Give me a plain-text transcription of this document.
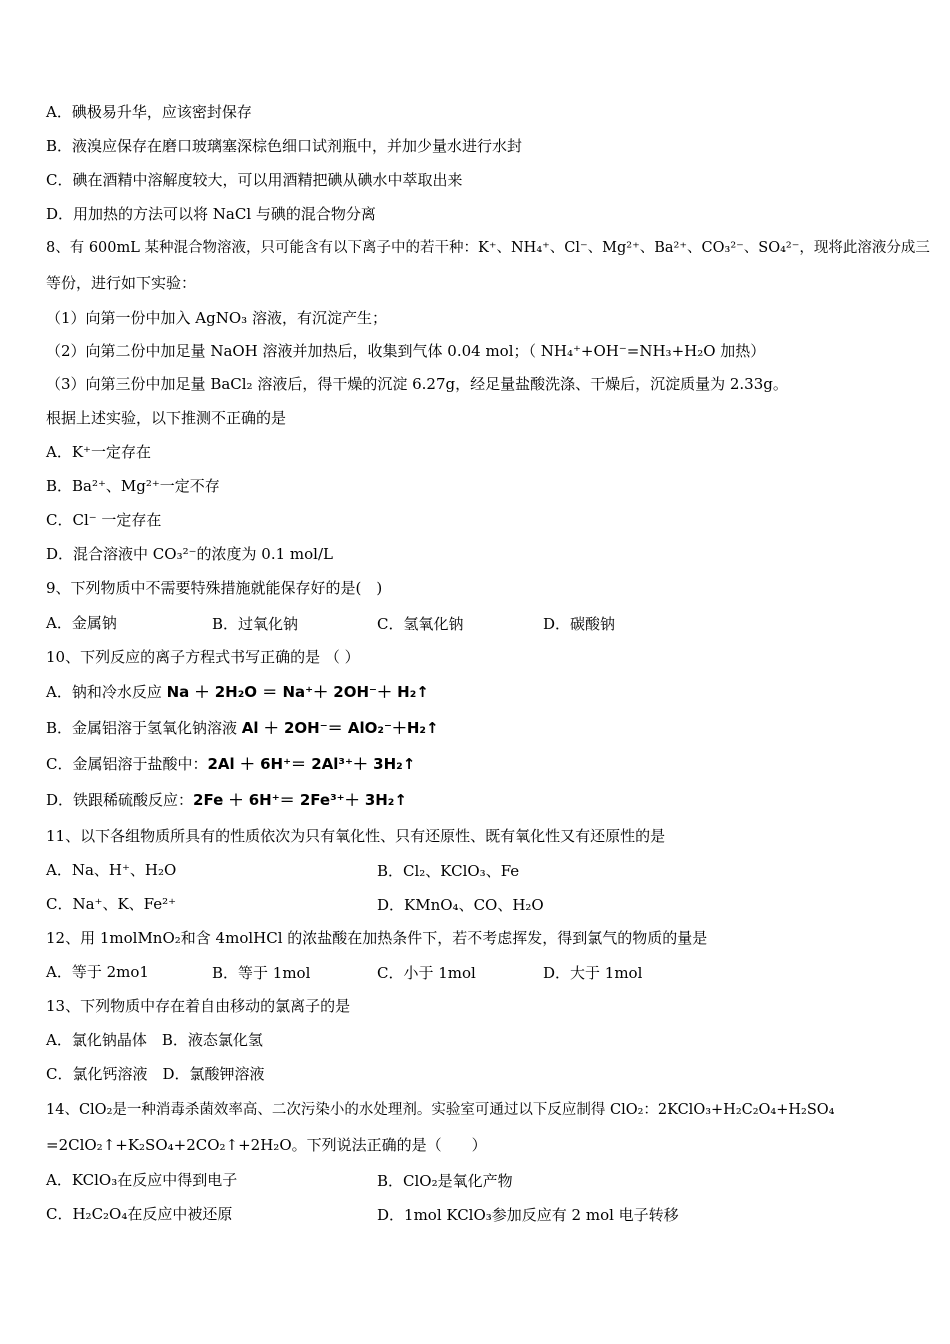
A．碘极易升华，应该密封保存
B．液溴应保存在磨口玻璃塞深棕色细口试剂瓶中，并加少量水进行水封
C．碘在酒精中溶解度较大，可以用酒精把碘从碘水中萃取出来
D．用加热的方法可以将 NaCl 与碘的混合物分离
8、有 600mL 某种混合物溶液，只可能含有以下离子中的若干种：K⁺、NH₄⁺、Cl⁻、Mg²⁺、Ba²⁺、CO₃²⁻、SO₄²⁻，现将此溶液分成三
等份，进行如下实验：
（1）向第一份中加入 AgNO₃ 溶液，有沉淀产生；
（2）向第二份中加足量 NaOH 溶液并加热后，收集到气体 0.04 mol；（ NH₄⁺+OH⁻=NH₃+H₂O 加热）
（3）向第三份中加足量 BaCl₂ 溶液后，得干燥的沉淀 6.27g，经足量盐酸洗涤、干燥后，沉淀质量为 2.33g。
根据上述实验，以下推测不正确的是
A．K⁺一定存在
B．Ba²⁺、Mg²⁺一定不存
C．Cl⁻ 一定存在
D．混合溶液中 CO₃²⁻的浓度为 0.1 mol/L
9、下列物质中不需要特殊措施就能保存好的是(　)
A．金属钠	B．过氧化钠	C．氢氧化钠	D．碳酸钠
10、下列反应的离子方程式书写正确的是 （ ）
A．钠和冷水反应 Na ＋ 2H₂O ＝ Na⁺＋ 2OH⁻＋ H₂↑
B．金属铝溶于氢氧化钠溶液 Al ＋ 2OH⁻＝ AlO₂⁻＋H₂↑
C．金属铝溶于盐酸中：2Al ＋ 6H⁺＝ 2Al³⁺＋ 3H₂↑
D．铁跟稀硫酸反应：2Fe ＋ 6H⁺＝ 2Fe³⁺＋ 3H₂↑
11、以下各组物质所具有的性质依次为只有氧化性、只有还原性、既有氧化性又有还原性的是
A．Na、H⁺、H₂O	B．Cl₂、KClO₃、Fe
C．Na⁺、K、Fe²⁺	D．KMnO₄、CO、H₂O
12、用 1molMnO₂和含 4molHCl 的浓盐酸在加热条件下，若不考虑挥发，得到氯气的物质的量是
A．等于 2mo1	B．等于 1mol	C．小于 1mol	D．大于 1mol
13、下列物质中存在着自由移动的氯离子的是
A．氯化钠晶体　B．液态氯化氢
C．氯化钙溶液　D．氯酸钾溶液
14、ClO₂是一种消毒杀菌效率高、二次污染小的水处理剂。实验室可通过以下反应制得 ClO₂：2KClO₃+H₂C₂O₄+H₂SO₄
=2ClO₂↑+K₂SO₄+2CO₂↑+2H₂O。下列说法正确的是（　　）
A．KClO₃在反应中得到电子	B．ClO₂是氧化产物
C．H₂C₂O₄在反应中被还原	D．1mol KClO₃参加反应有 2 mol 电子转移
